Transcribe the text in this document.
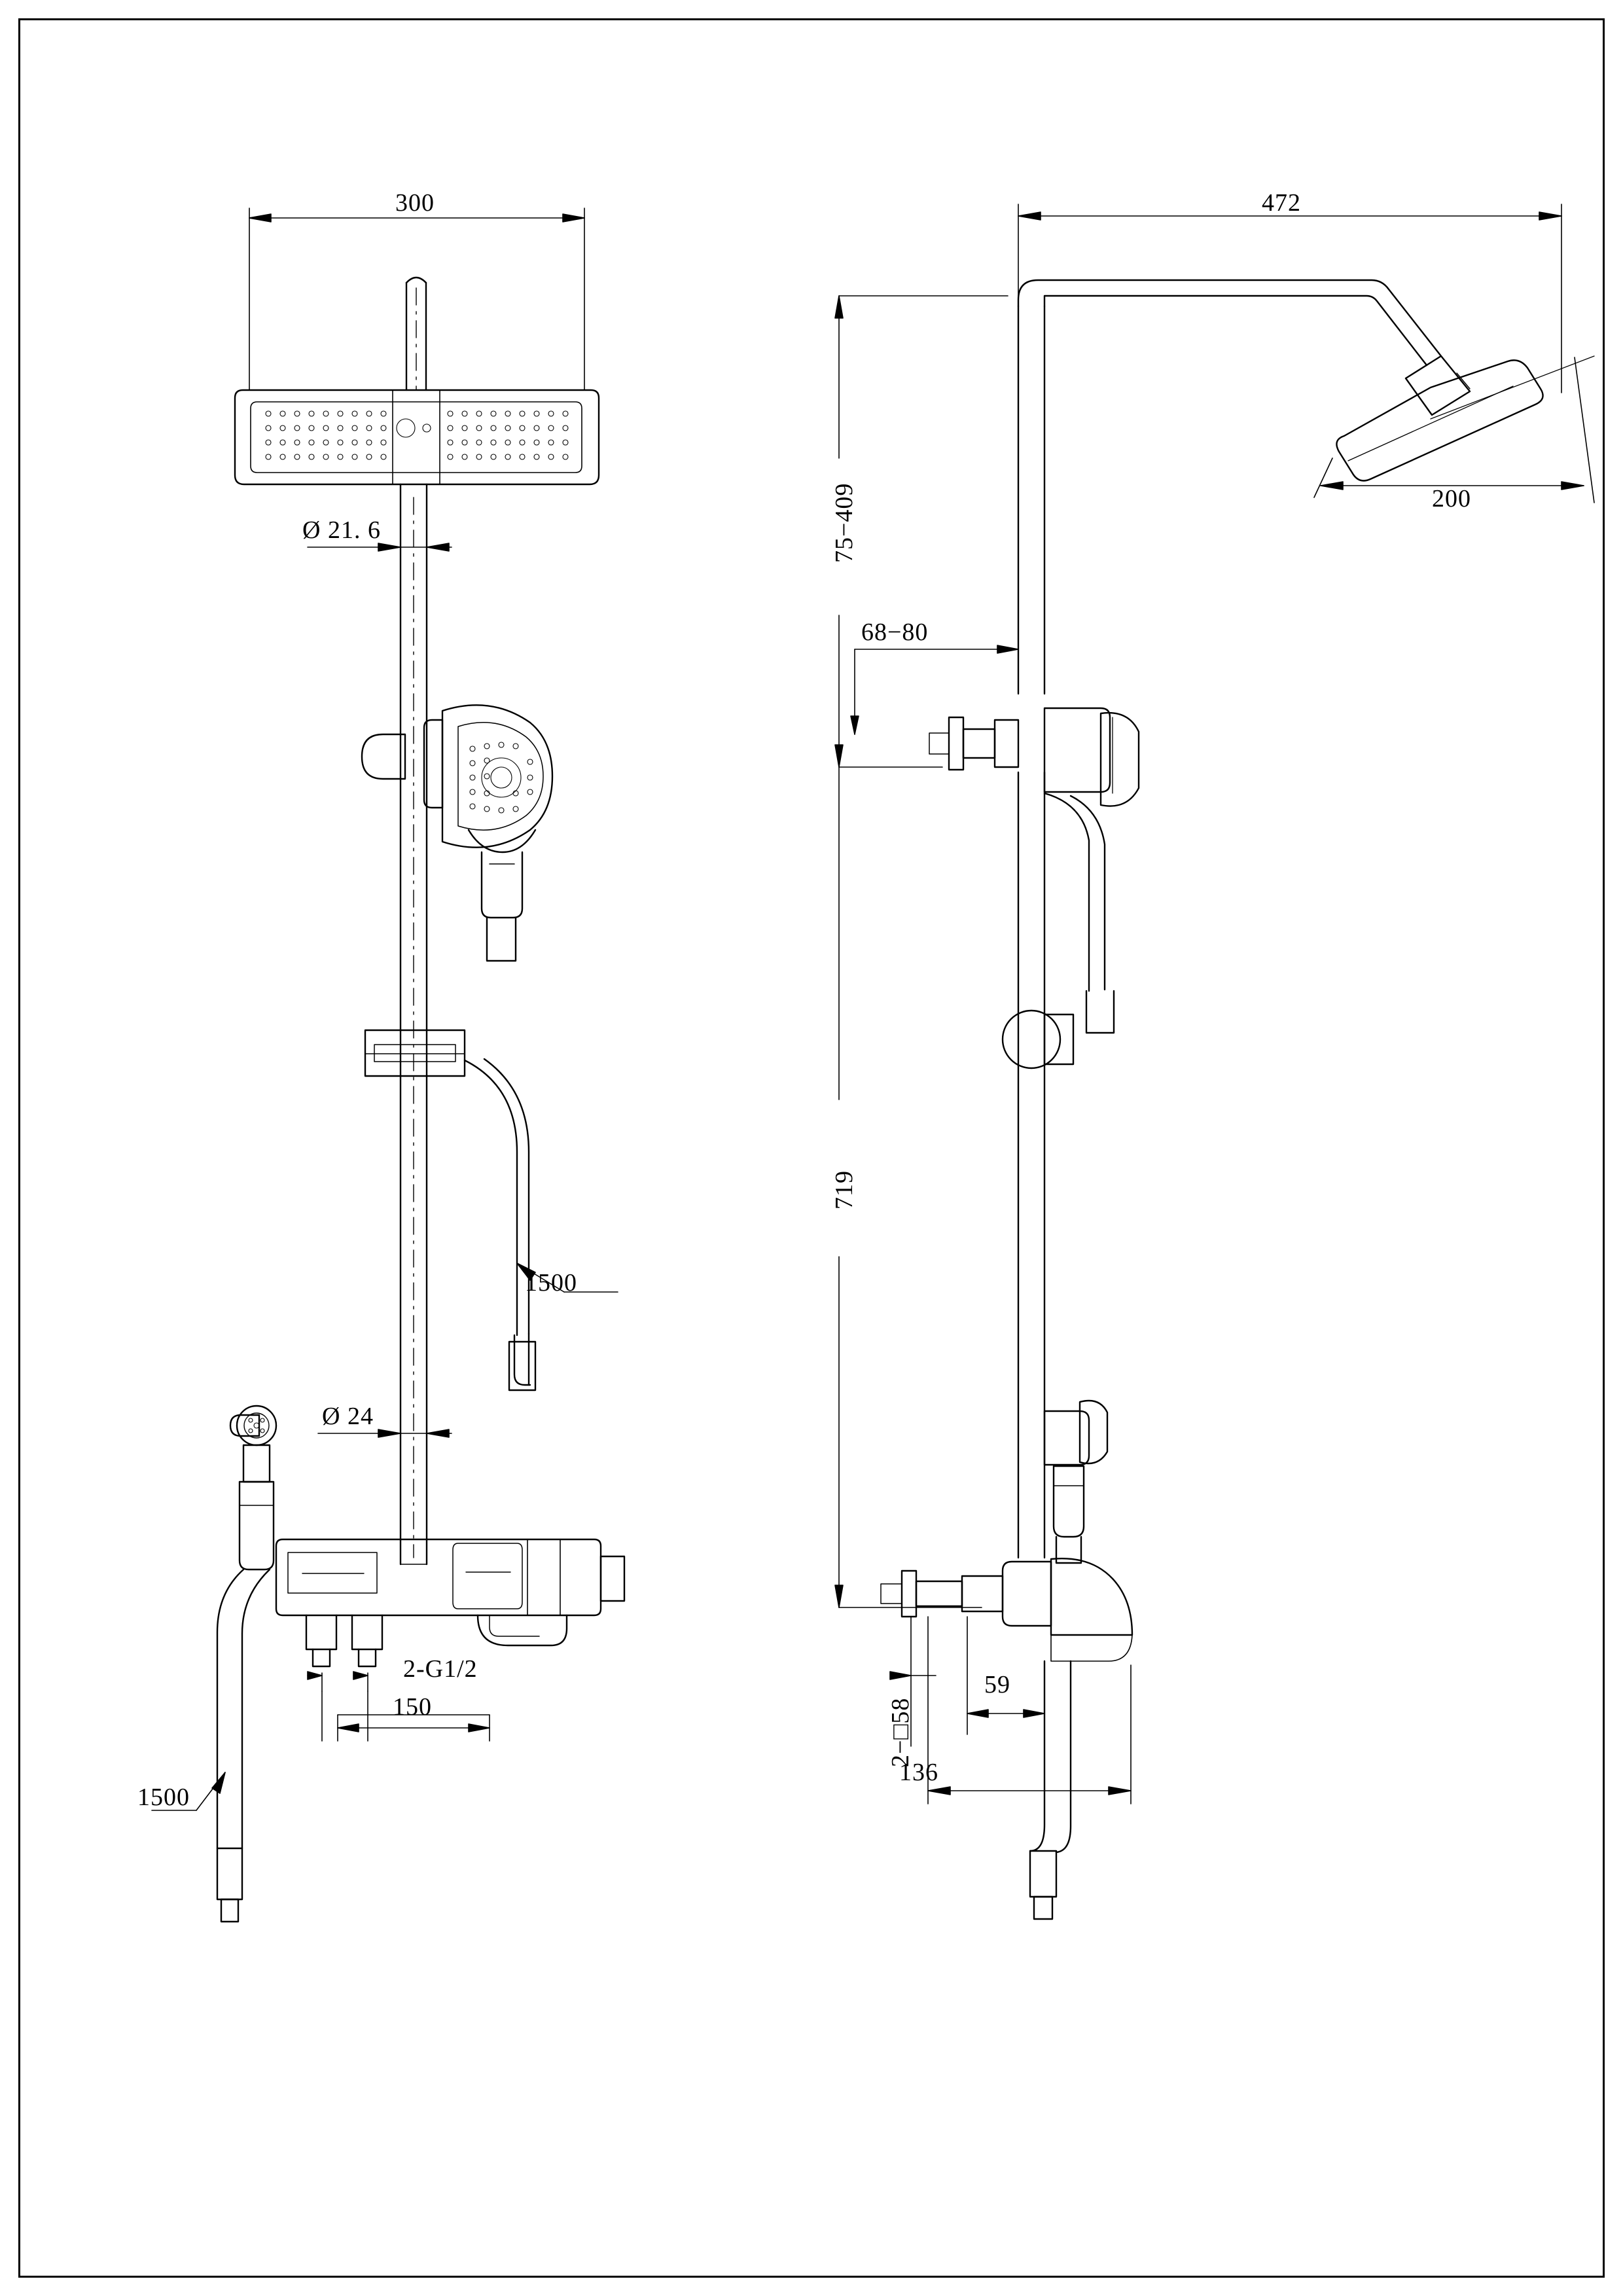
300
Ø 21. 6
1500
Ø 24
2-G1/2
150
1500
472
200
68−80
75−409
719
2−□58
59
136
